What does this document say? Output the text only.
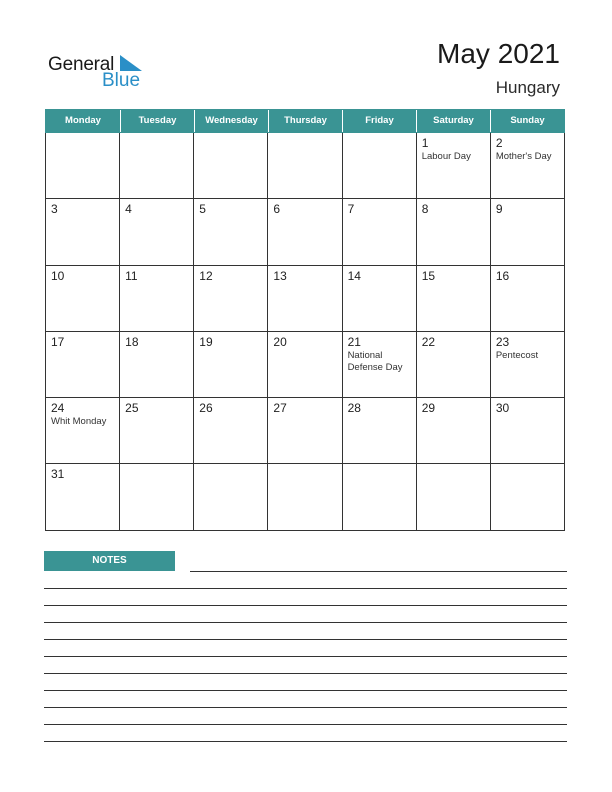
General
Blue
May 2021
Hungary
Monday	Tuesday	Wednesday	Thursday	Friday	Saturday	Sunday
1
Labour Day
2
Mother's Day
3	4	5	6	7	8	9
10	11	12	13	14	15	16
17	18	19	20	21
National Defense Day
22	23
Pentecost
24
Whit Monday
25	26	27	28	29	30
31
NOTES
